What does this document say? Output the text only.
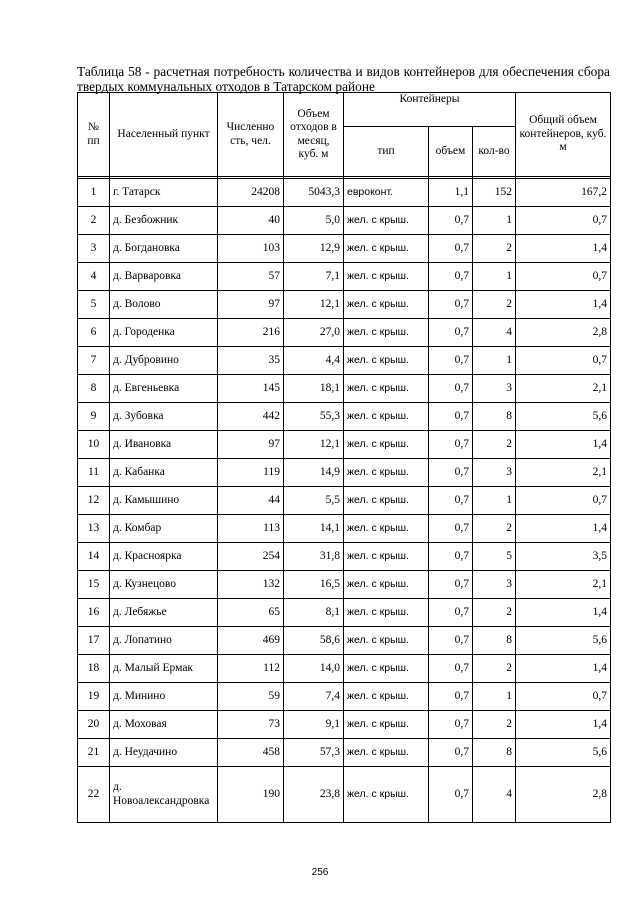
Таблица 58 - расчетная потребность количества и видов контейнеров для обеспечения сбора твердых коммунальных отходов в Татарском районе
№ пп	Населенный пункт	Численно сть, чел.	Объем отходов в месяц, куб. м	Контейнеры			Общий объем контейнеров, куб. м
				тип	объем	кол-во	

1	г. Татарск	24208	5043,3	евроконт.	1,1	152	167,2
2	д. Безбожник	40	5,0	жел. с крыш.	0,7	1	0,7
3	д. Богдановка	103	12,9	жел. с крыш.	0,7	2	1,4
4	д. Варваровка	57	7,1	жел. с крыш.	0,7	1	0,7
5	д. Волово	97	12,1	жел. с крыш.	0,7	2	1,4
6	д. Городенка	216	27,0	жел. с крыш.	0,7	4	2,8
7	д. Дубровино	35	4,4	жел. с крыш.	0,7	1	0,7
8	д. Евгеньевка	145	18,1	жел. с крыш.	0,7	3	2,1
9	д. Зубовка	442	55,3	жел. с крыш.	0,7	8	5,6
10	д. Ивановка	97	12,1	жел. с крыш.	0,7	2	1,4
11	д. Кабанка	119	14,9	жел. с крыш.	0,7	3	2,1
12	д. Камышино	44	5,5	жел. с крыш.	0,7	1	0,7
13	д. Комбар	113	14,1	жел. с крыш.	0,7	2	1,4
14	д. Красноярка	254	31,8	жел. с крыш.	0,7	5	3,5
15	д. Кузнецово	132	16,5	жел. с крыш.	0,7	3	2,1
16	д. Лебяжье	65	8,1	жел. с крыш.	0,7	2	1,4
17	д. Лопатино	469	58,6	жел. с крыш.	0,7	8	5,6
18	д. Малый Ермак	112	14,0	жел. с крыш.	0,7	2	1,4
19	д. Минино	59	7,4	жел. с крыш.	0,7	1	0,7
20	д. Моховая	73	9,1	жел. с крыш.	0,7	2	1,4
21	д. Неудачино	458	57,3	жел. с крыш.	0,7	8	5,6
22	д. Новоалександровка	190	23,8	жел. с крыш.	0,7	4	2,8
256
